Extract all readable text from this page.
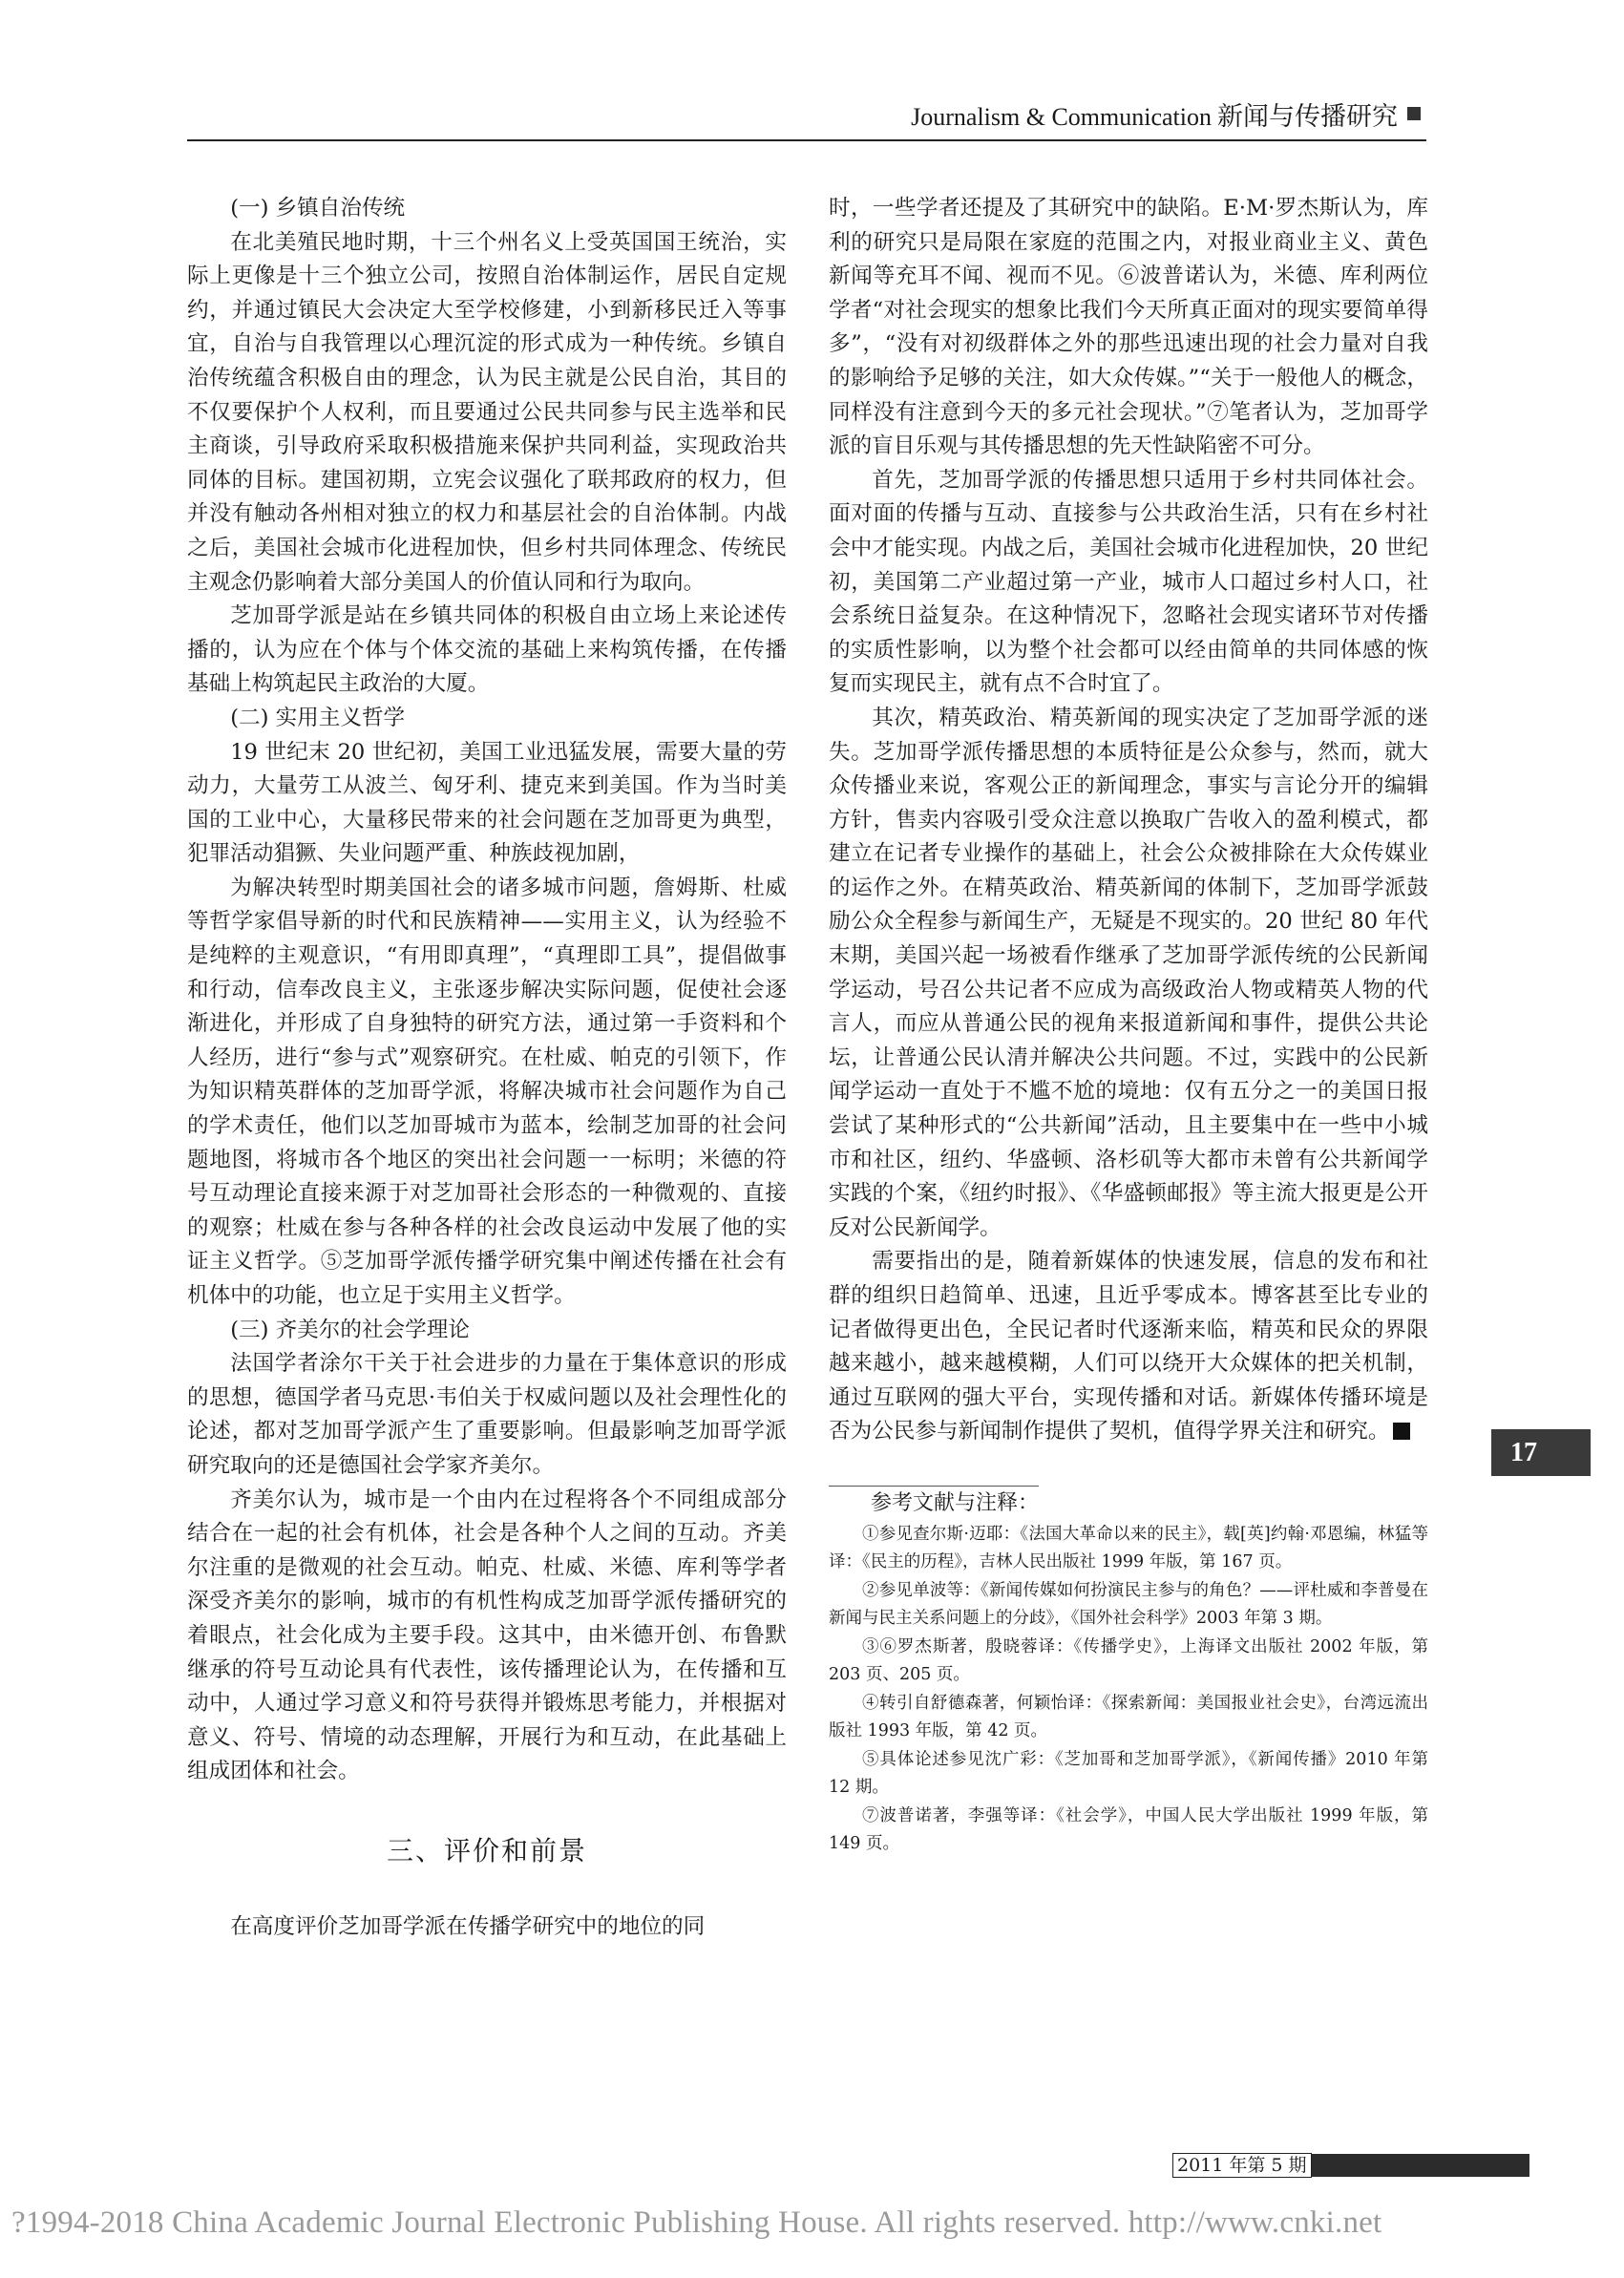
Journalism & Communication 新闻与传播研究
(一) 乡镇自治传统

在北美殖民地时期，十三个州名义上受英国国王统治，实际上更像是十三个独立公司，按照自治体制运作，居民自定规约，并通过镇民大会决定大至学校修建，小到新移民迁入等事宜，自治与自我管理以心理沉淀的形式成为一种传统。乡镇自治传统蕴含积极自由的理念，认为民主就是公民自治，其目的不仅要保护个人权利，而且要通过公民共同参与民主选举和民主商谈，引导政府采取积极措施来保护共同利益，实现政治共同体的目标。建国初期，立宪会议强化了联邦政府的权力，但并没有触动各州相对独立的权力和基层社会的自治体制。内战之后，美国社会城市化进程加快，但乡村共同体理念、传统民主观念仍影响着大部分美国人的价值认同和行为取向。

芝加哥学派是站在乡镇共同体的积极自由立场上来论述传播的，认为应在个体与个体交流的基础上来构筑传播，在传播基础上构筑起民主政治的大厦。

(二) 实用主义哲学

19 世纪末 20 世纪初，美国工业迅猛发展，需要大量的劳动力，大量劳工从波兰、匈牙利、捷克来到美国。作为当时美国的工业中心，大量移民带来的社会问题在芝加哥更为典型，犯罪活动猖獗、失业问题严重、种族歧视加剧，

为解决转型时期美国社会的诸多城市问题，詹姆斯、杜威等哲学家倡导新的时代和民族精神——实用主义，认为经验不是纯粹的主观意识，“有用即真理”，“真理即工具”，提倡做事和行动，信奉改良主义，主张逐步解决实际问题，促使社会逐渐进化，并形成了自身独特的研究方法，通过第一手资料和个人经历，进行“参与式”观察研究。在杜威、帕克的引领下，作为知识精英群体的芝加哥学派，将解决城市社会问题作为自己的学术责任，他们以芝加哥城市为蓝本，绘制芝加哥的社会问题地图，将城市各个地区的突出社会问题一一标明；米德的符号互动理论直接来源于对芝加哥社会形态的一种微观的、直接的观察；杜威在参与各种各样的社会改良运动中发展了他的实证主义哲学。⑤芝加哥学派传播学研究集中阐述传播在社会有机体中的功能，也立足于实用主义哲学。

(三) 齐美尔的社会学理论

法国学者涂尔干关于社会进步的力量在于集体意识的形成的思想，德国学者马克思·韦伯关于权威问题以及社会理性化的论述，都对芝加哥学派产生了重要影响。但最影响芝加哥学派研究取向的还是德国社会学家齐美尔。

齐美尔认为，城市是一个由内在过程将各个不同组成部分结合在一起的社会有机体，社会是各种个人之间的互动。齐美尔注重的是微观的社会互动。帕克、杜威、米德、库利等学者深受齐美尔的影响，城市的有机性构成芝加哥学派传播研究的着眼点，社会化成为主要手段。这其中，由米德开创、布鲁默继承的符号互动论具有代表性，该传播理论认为，在传播和互动中，人通过学习意义和符号获得并锻炼思考能力，并根据对意义、符号、情境的动态理解，开展行为和互动，在此基础上组成团体和社会。

三、评价和前景

在高度评价芝加哥学派在传播学研究中的地位的同

时，一些学者还提及了其研究中的缺陷。E·M·罗杰斯认为，库利的研究只是局限在家庭的范围之内，对报业商业主义、黄色新闻等充耳不闻、视而不见。⑥波普诺认为，米德、库利两位学者“对社会现实的想象比我们今天所真正面对的现实要简单得多”，“没有对初级群体之外的那些迅速出现的社会力量对自我的影响给予足够的关注，如大众传媒。”“关于一般他人的概念，同样没有注意到今天的多元社会现状。”⑦笔者认为，芝加哥学派的盲目乐观与其传播思想的先天性缺陷密不可分。

首先，芝加哥学派的传播思想只适用于乡村共同体社会。面对面的传播与互动、直接参与公共政治生活，只有在乡村社会中才能实现。内战之后，美国社会城市化进程加快，20 世纪初，美国第二产业超过第一产业，城市人口超过乡村人口，社会系统日益复杂。在这种情况下，忽略社会现实诸环节对传播的实质性影响，以为整个社会都可以经由简单的共同体感的恢复而实现民主，就有点不合时宜了。

其次，精英政治、精英新闻的现实决定了芝加哥学派的迷失。芝加哥学派传播思想的本质特征是公众参与，然而，就大众传播业来说，客观公正的新闻理念，事实与言论分开的编辑方针，售卖内容吸引受众注意以换取广告收入的盈利模式，都建立在记者专业操作的基础上，社会公众被排除在大众传媒业的运作之外。在精英政治、精英新闻的体制下，芝加哥学派鼓励公众全程参与新闻生产，无疑是不现实的。20 世纪 80 年代末期，美国兴起一场被看作继承了芝加哥学派传统的公民新闻学运动，号召公共记者不应成为高级政治人物或精英人物的代言人，而应从普通公民的视角来报道新闻和事件，提供公共论坛，让普通公民认清并解决公共问题。不过，实践中的公民新闻学运动一直处于不尴不尬的境地：仅有五分之一的美国日报尝试了某种形式的“公共新闻”活动，且主要集中在一些中小城市和社区，纽约、华盛顿、洛杉矶等大都市未曾有公共新闻学实践的个案，《纽约时报》、《华盛顿邮报》等主流大报更是公开反对公民新闻学。

需要指出的是，随着新媒体的快速发展，信息的发布和社群的组织日趋简单、迅速，且近乎零成本。博客甚至比专业的记者做得更出色，全民记者时代逐渐来临，精英和民众的界限越来越小，越来越模糊，人们可以绕开大众媒体的把关机制，通过互联网的强大平台，实现传播和对话。新媒体传播环境是否为公民参与新闻制作提供了契机，值得学界关注和研究。

参考文献与注释：

①参见查尔斯·迈耶：《法国大革命以来的民主》，载[英]约翰·邓恩编，林猛等译：《民主的历程》，吉林人民出版社 1999 年版，第 167 页。

②参见单波等：《新闻传媒如何扮演民主参与的角色？——评杜威和李普曼在新闻与民主关系问题上的分歧》，《国外社会科学》2003 年第 3 期。

③⑥罗杰斯著，殷晓蓉译：《传播学史》，上海译文出版社 2002 年版，第 203 页、205 页。

④转引自舒德森著，何颖怡译：《探索新闻：美国报业社会史》，台湾远流出版社 1993 年版，第 42 页。

⑤具体论述参见沈广彩：《芝加哥和芝加哥学派》，《新闻传播》2010 年第 12 期。

⑦波普诺著，李强等译：《社会学》，中国人民大学出版社 1999 年版，第 149 页。

17
2011 年第 5 期
?1994-2018 China Academic Journal Electronic Publishing House. All rights reserved. http://www.cnki.net
